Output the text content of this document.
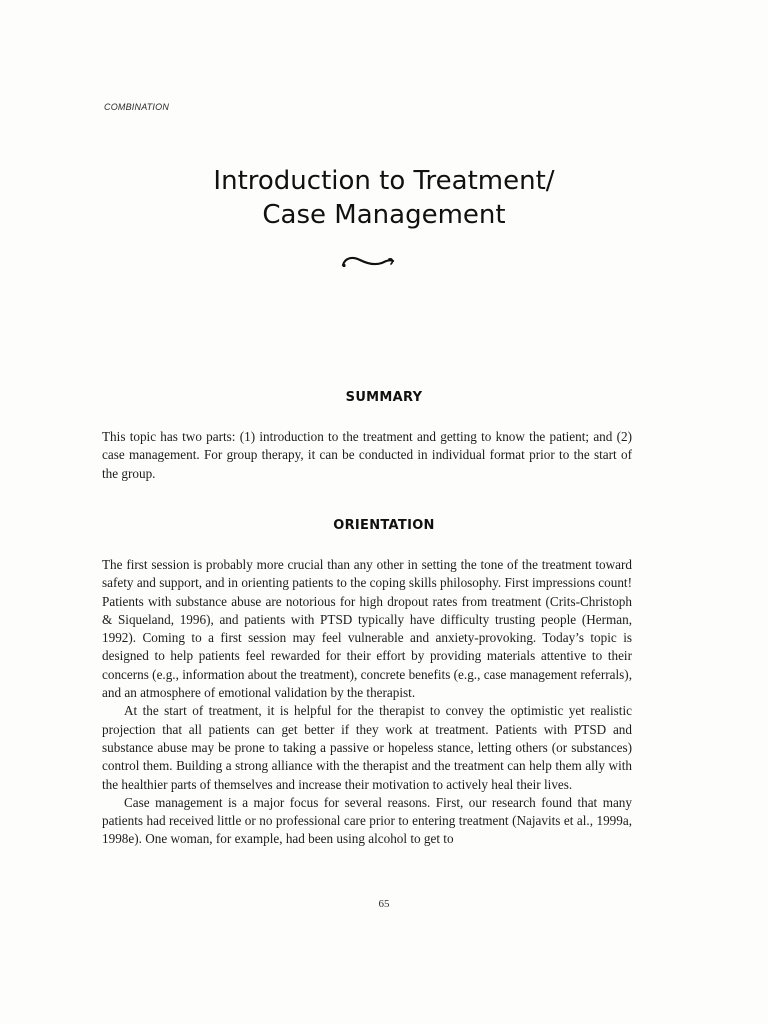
COMBINATION
Introduction to Treatment/
Case Management
SUMMARY

This topic has two parts: (1) introduction to the treatment and getting to know the patient; and (2) case management. For group therapy, it can be conducted in individual format prior to the start of the group.

ORIENTATION

The first session is probably more crucial than any other in setting the tone of the treatment toward safety and support, and in orienting patients to the coping skills philosophy. First impressions count! Patients with substance abuse are notorious for high dropout rates from treatment (Crits-Christoph & Siqueland, 1996), and patients with PTSD typically have difficulty trusting people (Herman, 1992). Coming to a first session may feel vulnerable and anxiety-provoking. Today’s topic is designed to help patients feel rewarded for their effort by providing materials attentive to their concerns (e.g., information about the treatment), concrete benefits (e.g., case management referrals), and an atmosphere of emotional validation by the therapist.

At the start of treatment, it is helpful for the therapist to convey the optimistic yet realistic projection that all patients can get better if they work at treatment. Patients with PTSD and substance abuse may be prone to taking a passive or hopeless stance, letting others (or substances) control them. Building a strong alliance with the therapist and the treatment can help them ally with the healthier parts of themselves and increase their motivation to actively heal their lives.

Case management is a major focus for several reasons. First, our research found that many patients had received little or no professional care prior to entering treatment (Najavits et al., 1999a, 1998e). One woman, for example, had been using alcohol to get to

65
